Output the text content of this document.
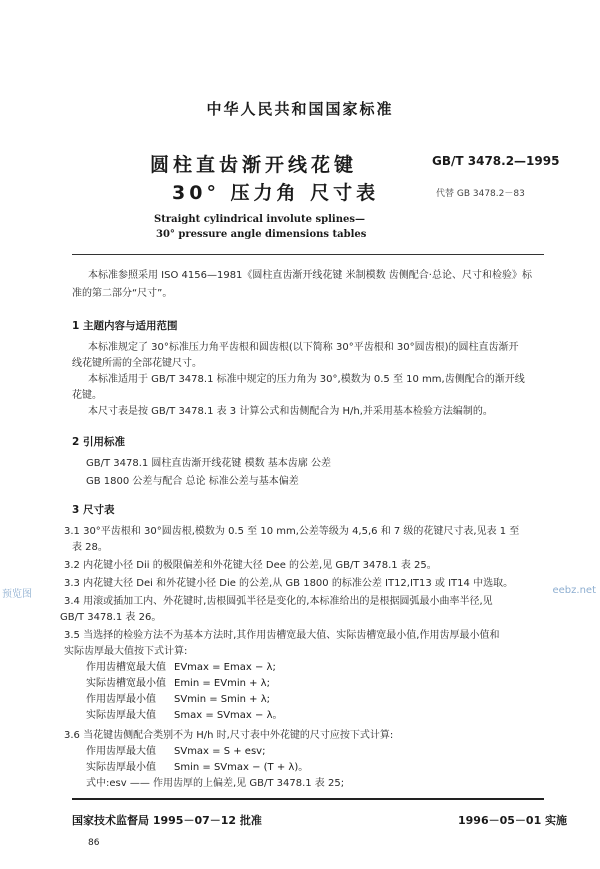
中华人民共和国国家标准
圆柱直齿渐开线花键
30° 压力角 尺寸表
GB/T 3478.2—1995
代替 GB 3478.2－83
Straight cylindrical involute splines—
30° pressure angle dimensions tables
本标准参照采用 ISO 4156—1981《圆柱直齿渐开线花键 米制模数 齿侧配合·总论、尺寸和检验》标
准的第二部分“尺寸”。
1 主题内容与适用范围
本标准规定了 30°标准压力角平齿根和圆齿根(以下简称 30°平齿根和 30°圆齿根)的圆柱直齿渐开
线花键所需的全部花键尺寸。
本标准适用于 GB/T 3478.1 标准中规定的压力角为 30°,模数为 0.5 至 10 mm,齿侧配合的渐开线
花键。
本尺寸表是按 GB/T 3478.1 表 3 计算公式和齿侧配合为 H/h,并采用基本检验方法编制的。
2 引用标准
GB/T 3478.1 圆柱直齿渐开线花键 模数 基本齿廓 公差
GB 1800 公差与配合 总论 标准公差与基本偏差
3 尺寸表
3.1 30°平齿根和 30°圆齿根,模数为 0.5 至 10 mm,公差等级为 4,5,6 和 7 级的花键尺寸表,见表 1 至
表 28。
3.2 内花键小径 Dii 的极限偏差和外花键大径 Dee 的公差,见 GB/T 3478.1 表 25。
3.3 内花键大径 Dei 和外花键小径 Die 的公差,从 GB 1800 的标准公差 IT12,IT13 或 IT14 中选取。
3.4 用滚或插加工内、外花键时,齿根圆弧半径是变化的,本标准给出的是根据圆弧最小曲率半径,见
GB/T 3478.1 表 26。
3.5 当选择的检验方法不为基本方法时,其作用齿槽宽最大值、实际齿槽宽最小值,作用齿厚最小值和
实际齿厚最大值按下式计算:
作用齿槽宽最大值 EVmax = Emax − λ;
实际齿槽宽最小值 Emin = EVmin + λ;
作用齿厚最小值 SVmin = Smin + λ;
实际齿厚最大值 Smax = SVmax − λ。
3.6 当花键齿侧配合类别不为 H/h 时,尺寸表中外花键的尺寸应按下式计算:
作用齿厚最大值 SVmax = S + esv;
实际齿厚最小值 Smin = SVmax − (T + λ)。
式中:esv —— 作用齿厚的上偏差,见 GB/T 3478.1 表 25;
国家技术监督局 1995－07－12 批准	1996－05－01 实施
86
预览图	eebz.net
